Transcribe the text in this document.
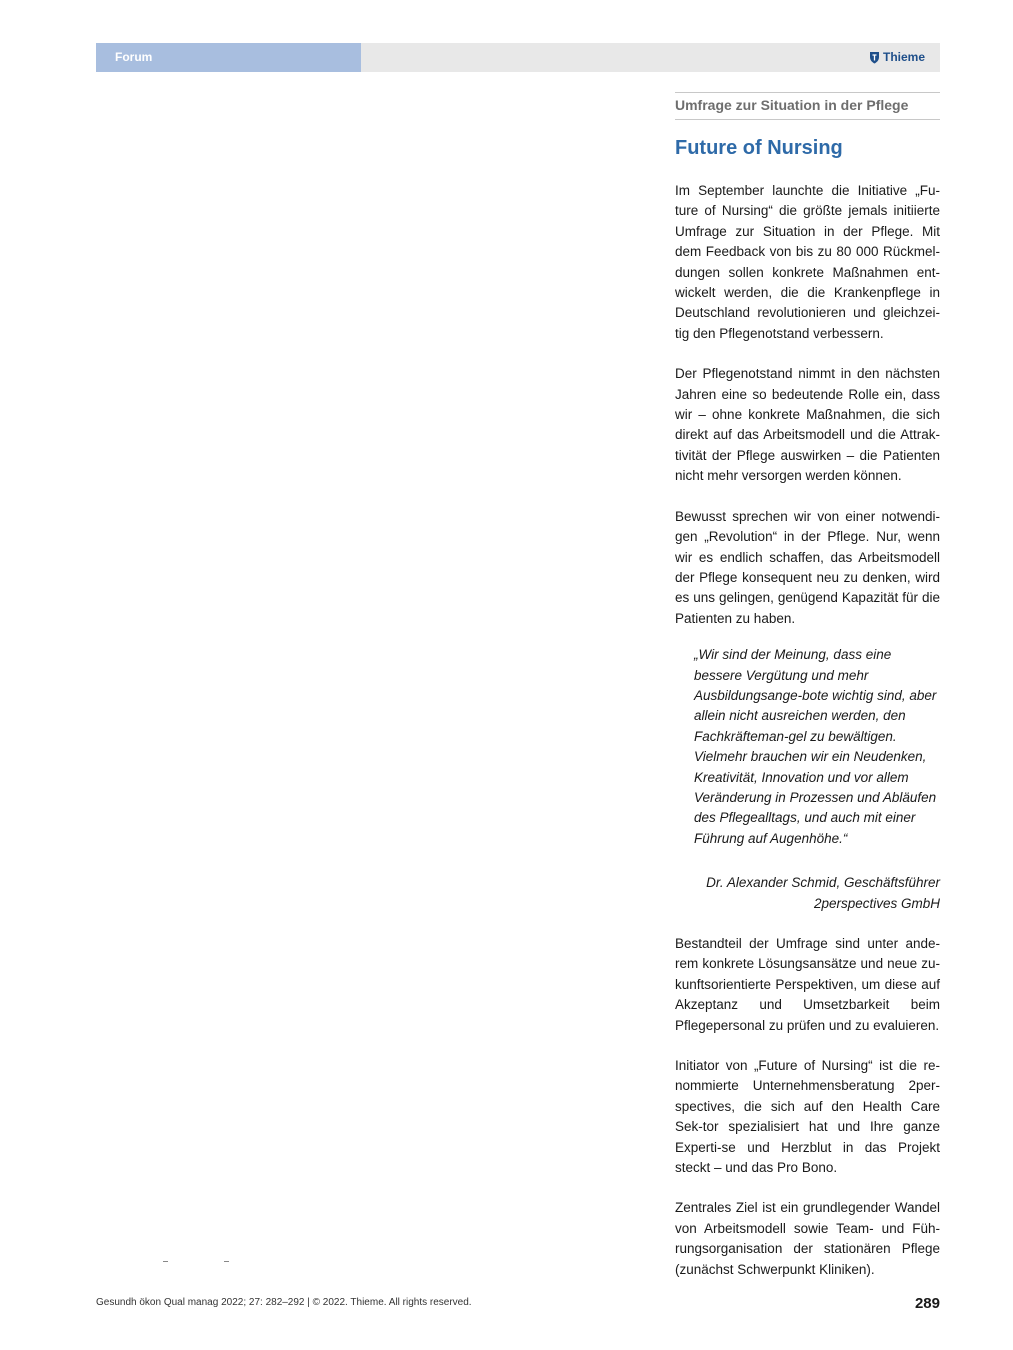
Forum	Thieme
Umfrage zur Situation in der Pflege
Future of Nursing

Im September launchte die Initiative „Fu-ture of Nursing“ die größte jemals initiierte Umfrage zur Situation in der Pflege. Mit dem Feedback von bis zu 80 000 Rückmel-dungen sollen konkrete Maßnahmen ent-wickelt werden, die die Krankenpflege in Deutschland revolutionieren und gleichzei-tig den Pflegenotstand verbessern.

Der Pflegenotstand nimmt in den nächsten Jahren eine so bedeutende Rolle ein, dass wir – ohne konkrete Maßnahmen, die sich direkt auf das Arbeitsmodell und die Attrak-tivität der Pflege auswirken – die Patienten nicht mehr versorgen werden können.

Bewusst sprechen wir von einer notwendi-gen „Revolution“ in der Pflege. Nur, wenn wir es endlich schaffen, das Arbeitsmodell der Pflege konsequent neu zu denken, wird es uns gelingen, genügend Kapazität für die Patienten zu haben.

„Wir sind der Meinung, dass eine bessere Vergütung und mehr Ausbildungsange-bote wichtig sind, aber allein nicht ausreichen werden, den Fachkräfteman-gel zu bewältigen. Vielmehr brauchen wir ein Neudenken, Kreativität, Innovation und vor allem Veränderung in Prozessen und Abläufen des Pflegealltags, und auch mit einer Führung auf Augenhöhe.“

Dr. Alexander Schmid, Geschäftsführer
2perspectives GmbH

Bestandteil der Umfrage sind unter ande-rem konkrete Lösungsansätze und neue zu-kunftsorientierte Perspektiven, um diese auf Akzeptanz und Umsetzbarkeit beim Pflegepersonal zu prüfen und zu evaluieren.

Initiator von „Future of Nursing“ ist die re-nommierte Unternehmensberatung 2per-spectives, die sich auf den Health Care Sek-tor spezialisiert hat und Ihre ganze Experti-se und Herzblut in das Projekt steckt – und das Pro Bono.

Zentrales Ziel ist ein grundlegender Wandel von Arbeitsmodell sowie Team- und Füh-rungsorganisation der stationären Pflege (zunächst Schwerpunkt Kliniken).

Gesundh ökon Qual manag 2022; 27: 282–292 | © 2022. Thieme. All rights reserved.	289
